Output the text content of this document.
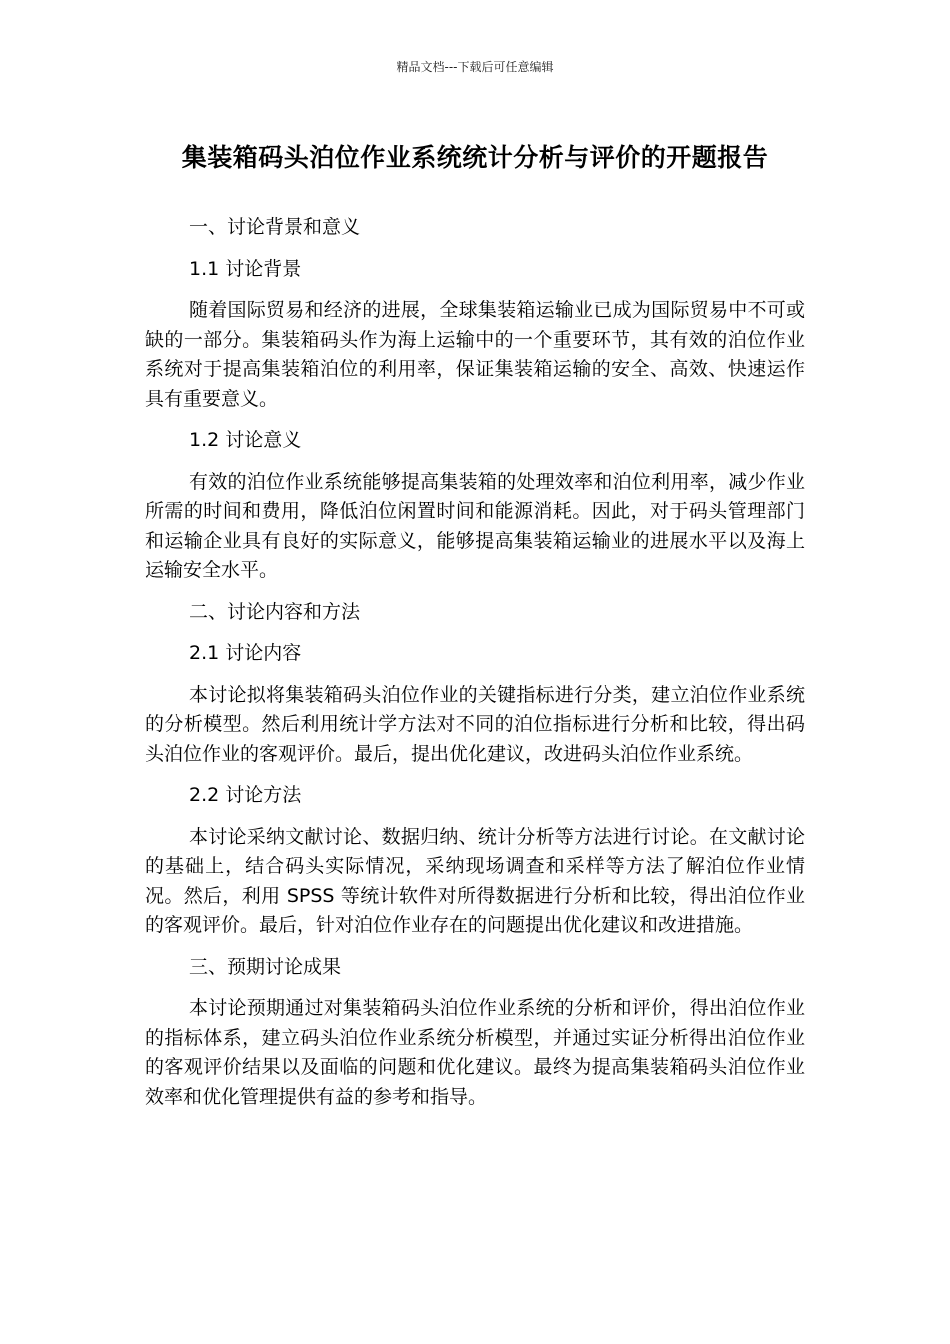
精品文档---下载后可任意编辑
集装箱码头泊位作业系统统计分析与评价的开题报告
一、讨论背景和意义
1.1 讨论背景
随着国际贸易和经济的进展，全球集装箱运输业已成为国际贸易中不可或缺的一部分。集装箱码头作为海上运输中的一个重要环节，其有效的泊位作业系统对于提高集装箱泊位的利用率，保证集装箱运输的安全、高效、快速运作具有重要意义。
1.2 讨论意义
有效的泊位作业系统能够提高集装箱的处理效率和泊位利用率，减少作业所需的时间和费用，降低泊位闲置时间和能源消耗。因此，对于码头管理部门和运输企业具有良好的实际意义，能够提高集装箱运输业的进展水平以及海上运输安全水平。
二、讨论内容和方法
2.1 讨论内容
本讨论拟将集装箱码头泊位作业的关键指标进行分类，建立泊位作业系统的分析模型。然后利用统计学方法对不同的泊位指标进行分析和比较，得出码头泊位作业的客观评价。最后，提出优化建议，改进码头泊位作业系统。
2.2 讨论方法
本讨论采纳文献讨论、数据归纳、统计分析等方法进行讨论。在文献讨论的基础上，结合码头实际情况，采纳现场调查和采样等方法了解泊位作业情况。然后，利用 SPSS 等统计软件对所得数据进行分析和比较，得出泊位作业的客观评价。最后，针对泊位作业存在的问题提出优化建议和改进措施。
三、预期讨论成果
本讨论预期通过对集装箱码头泊位作业系统的分析和评价，得出泊位作业的指标体系，建立码头泊位作业系统分析模型，并通过实证分析得出泊位作业的客观评价结果以及面临的问题和优化建议。最终为提高集装箱码头泊位作业效率和优化管理提供有益的参考和指导。
